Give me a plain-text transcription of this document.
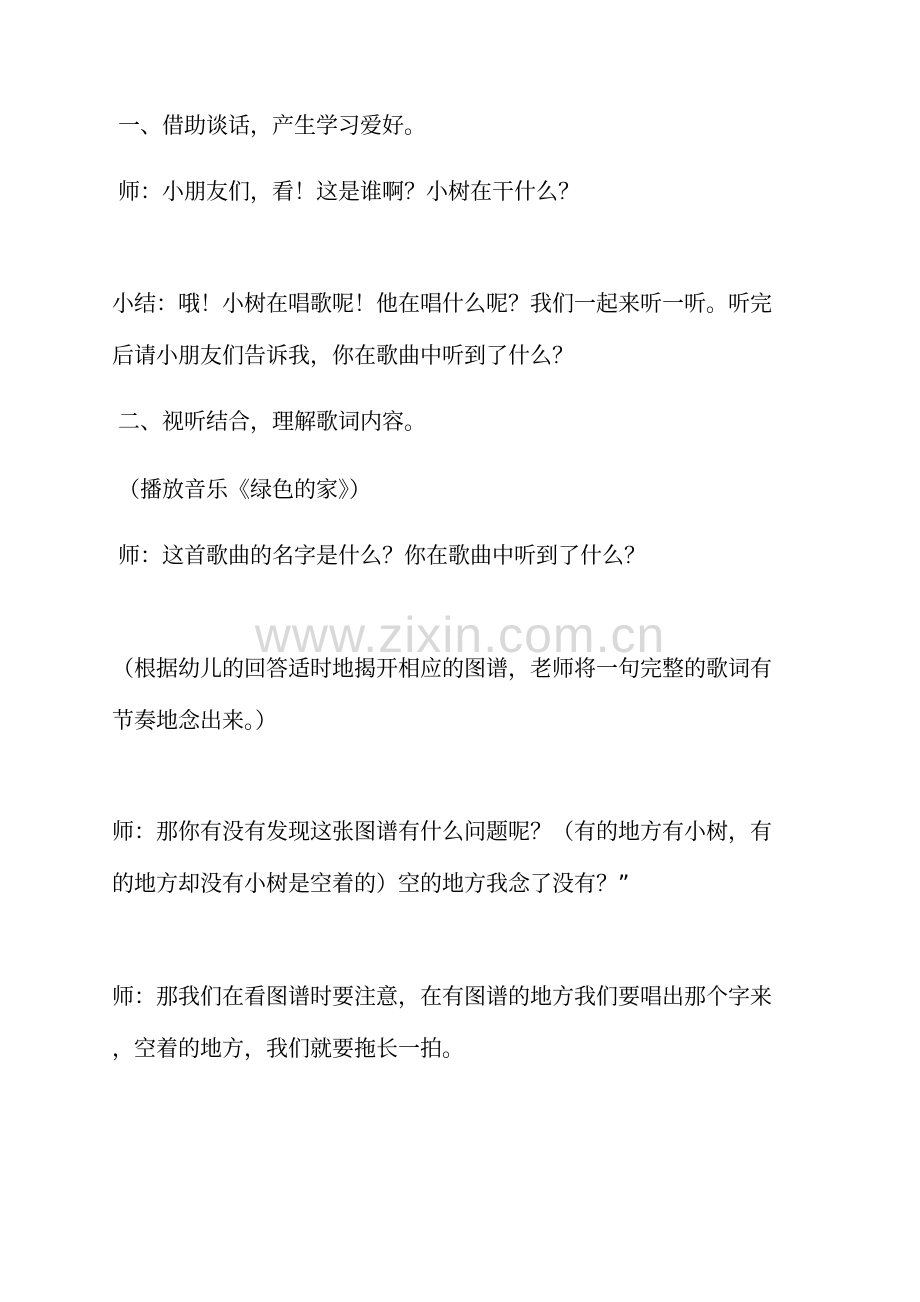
一、借助谈话，产生学习爱好。

师：小朋友们，看！这是谁啊？小树在干什么？

小结：哦！小树在唱歌呢！他在唱什么呢？我们一起来听一听。听完

后请小朋友们告诉我，你在歌曲中听到了什么？

二、视听结合，理解歌词内容。

（播放音乐《绿色的家》）

师：这首歌曲的名字是什么？你在歌曲中听到了什么？

www.zixin.com.cn

（根据幼儿的回答适时地揭开相应的图谱，老师将一句完整的歌词有

节奏地念出来。）

师：那你有没有发现这张图谱有什么问题呢？（有的地方有小树，有

的地方却没有小树是空着的）空的地方我念了没有？”

师：那我们在看图谱时要注意，在有图谱的地方我们要唱出那个字来

，空着的地方，我们就要拖长一拍。
